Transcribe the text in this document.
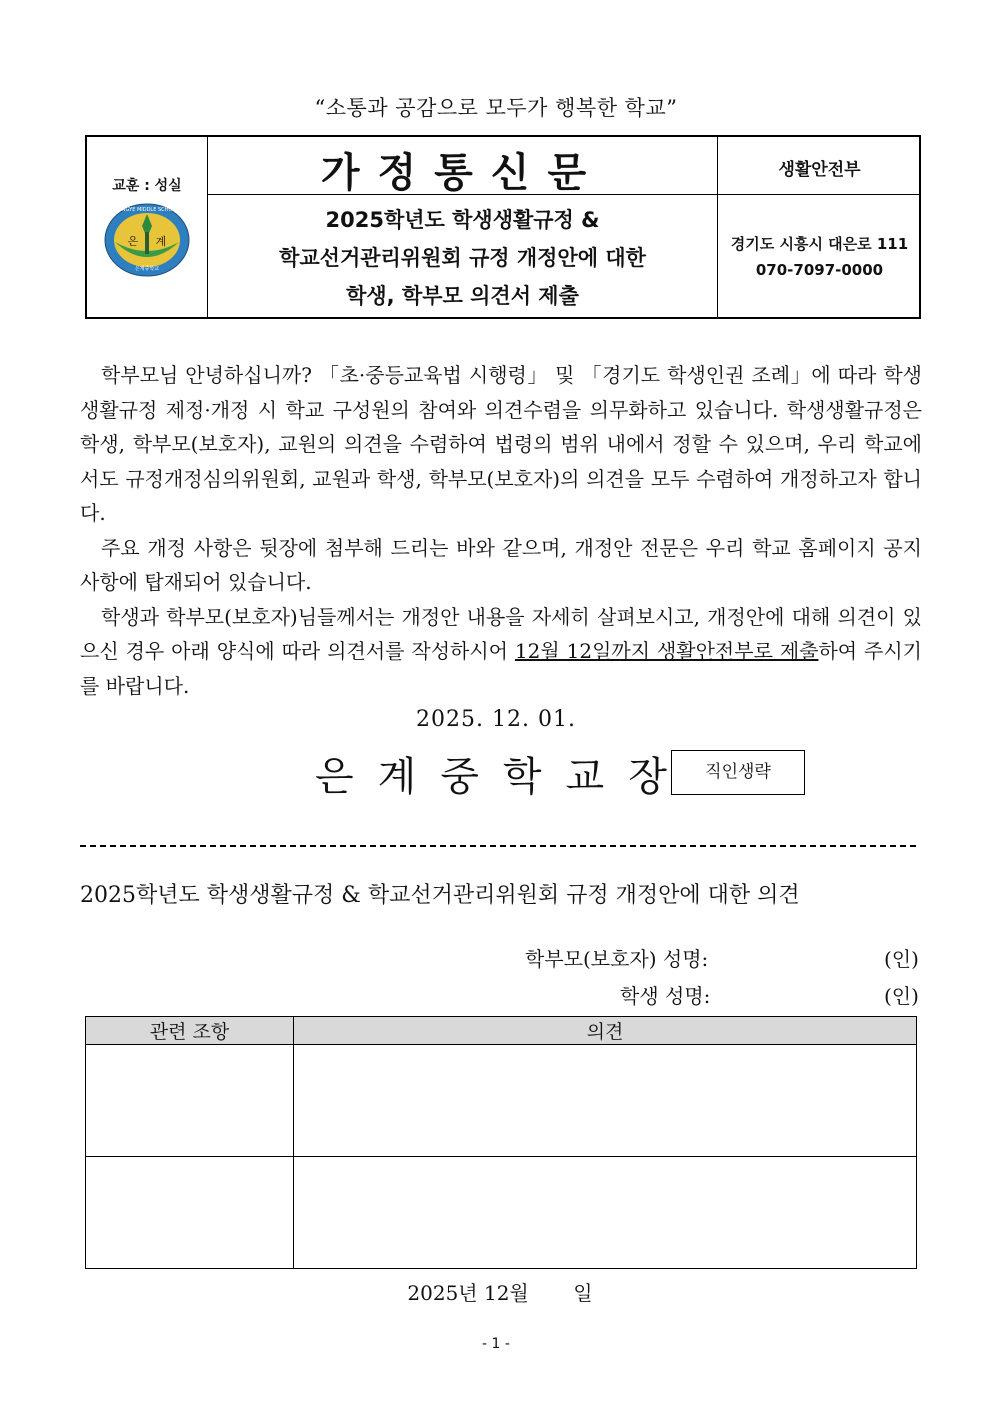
“소통과 공감으로 모두가 행복한 학교”
교훈 : 성실
은 계
EUNGYE MIDDLE SCHOOL
은계중학교
가정통신문	생활안전부
2025학년도 학생생활규정 &
학교선거관리위원회 규정 개정안에 대한
학생, 학부모 의견서 제출
경기도 시흥시 대은로 111
070-7097-0000

학부모님 안녕하십니까? 「초·중등교육법 시행령」 및 「경기도 학생인권 조례」에 따라 학생생활규정 제정·개정 시 학교 구성원의 참여와 의견수렴을 의무화하고 있습니다. 학생생활규정은 학생, 학부모(보호자), 교원의 의견을 수렴하여 법령의 범위 내에서 정할 수 있으며, 우리 학교에서도 규정개정심의위원회, 교원과 학생, 학부모(보호자)의 의견을 모두 수렴하여 개정하고자 합니다.

주요 개정 사항은 뒷장에 첨부해 드리는 바와 같으며, 개정안 전문은 우리 학교 홈페이지 공지 사항에 탑재되어 있습니다.

학생과 학부모(보호자)님들께서는 개정안 내용을 자세히 살펴보시고, 개정안에 대해 의견이 있으신 경우 아래 양식에 따라 의견서를 작성하시어 12월 12일까지 생활안전부로 제출하여 주시기를 바랍니다.

2025. 12. 01.
은계중학교장 직인생략
2025학년도 학생생활규정 & 학교선거관리위원회 규정 개정안에 대한 의견
학부모(보호자) 성명:	(인)
학생 성명:	(인)
관련 조항	의견

2025년 12월       일
- 1 -
